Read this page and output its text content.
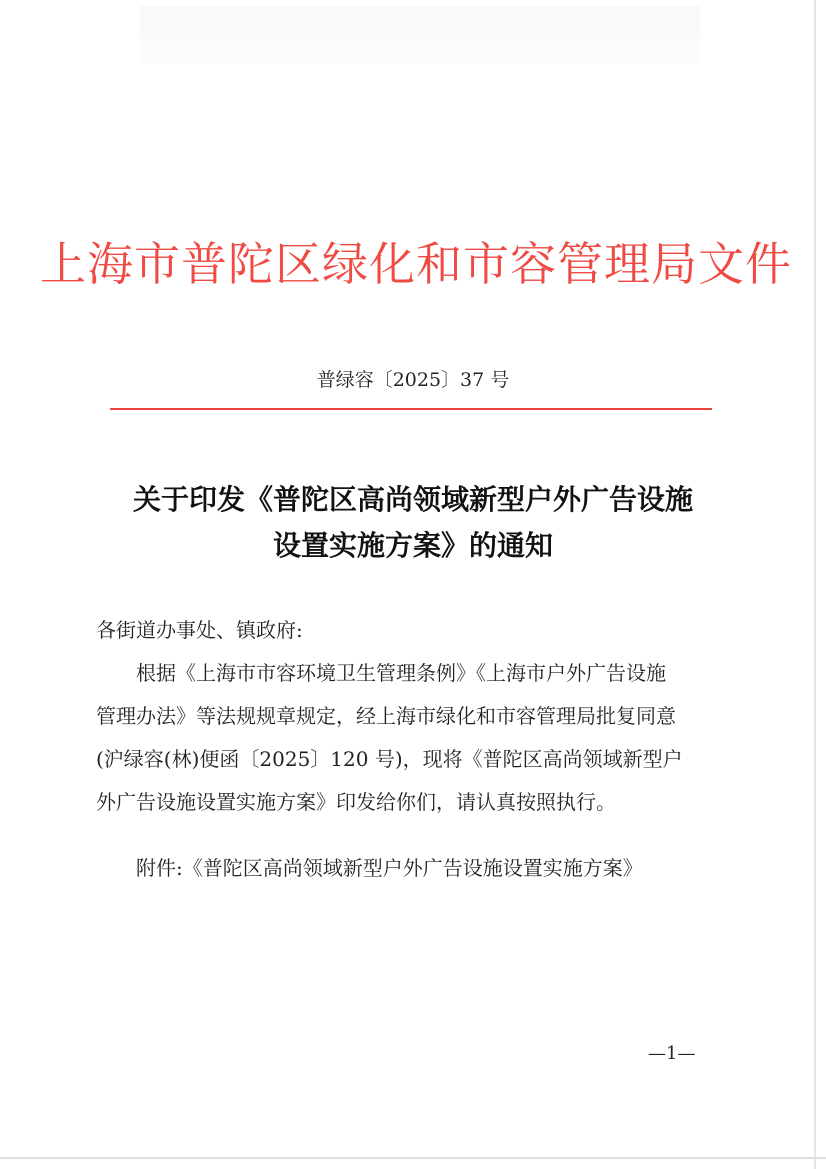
上海市普陀区绿化和市容管理局文件
普绿容〔2025〕37 号
关于印发《普陀区高尚领域新型户外广告设施
设置实施方案》的通知
各街道办事处、镇政府:
根据《上海市市容环境卫生管理条例》《上海市户外广告设施
管理办法》等法规规章规定，经上海市绿化和市容管理局批复同意
(沪绿容(林)便函〔2025〕120 号)，现将《普陀区高尚领域新型户
外广告设施设置实施方案》印发给你们，请认真按照执行。
附件:《普陀区高尚领域新型户外广告设施设置实施方案》
—1—
